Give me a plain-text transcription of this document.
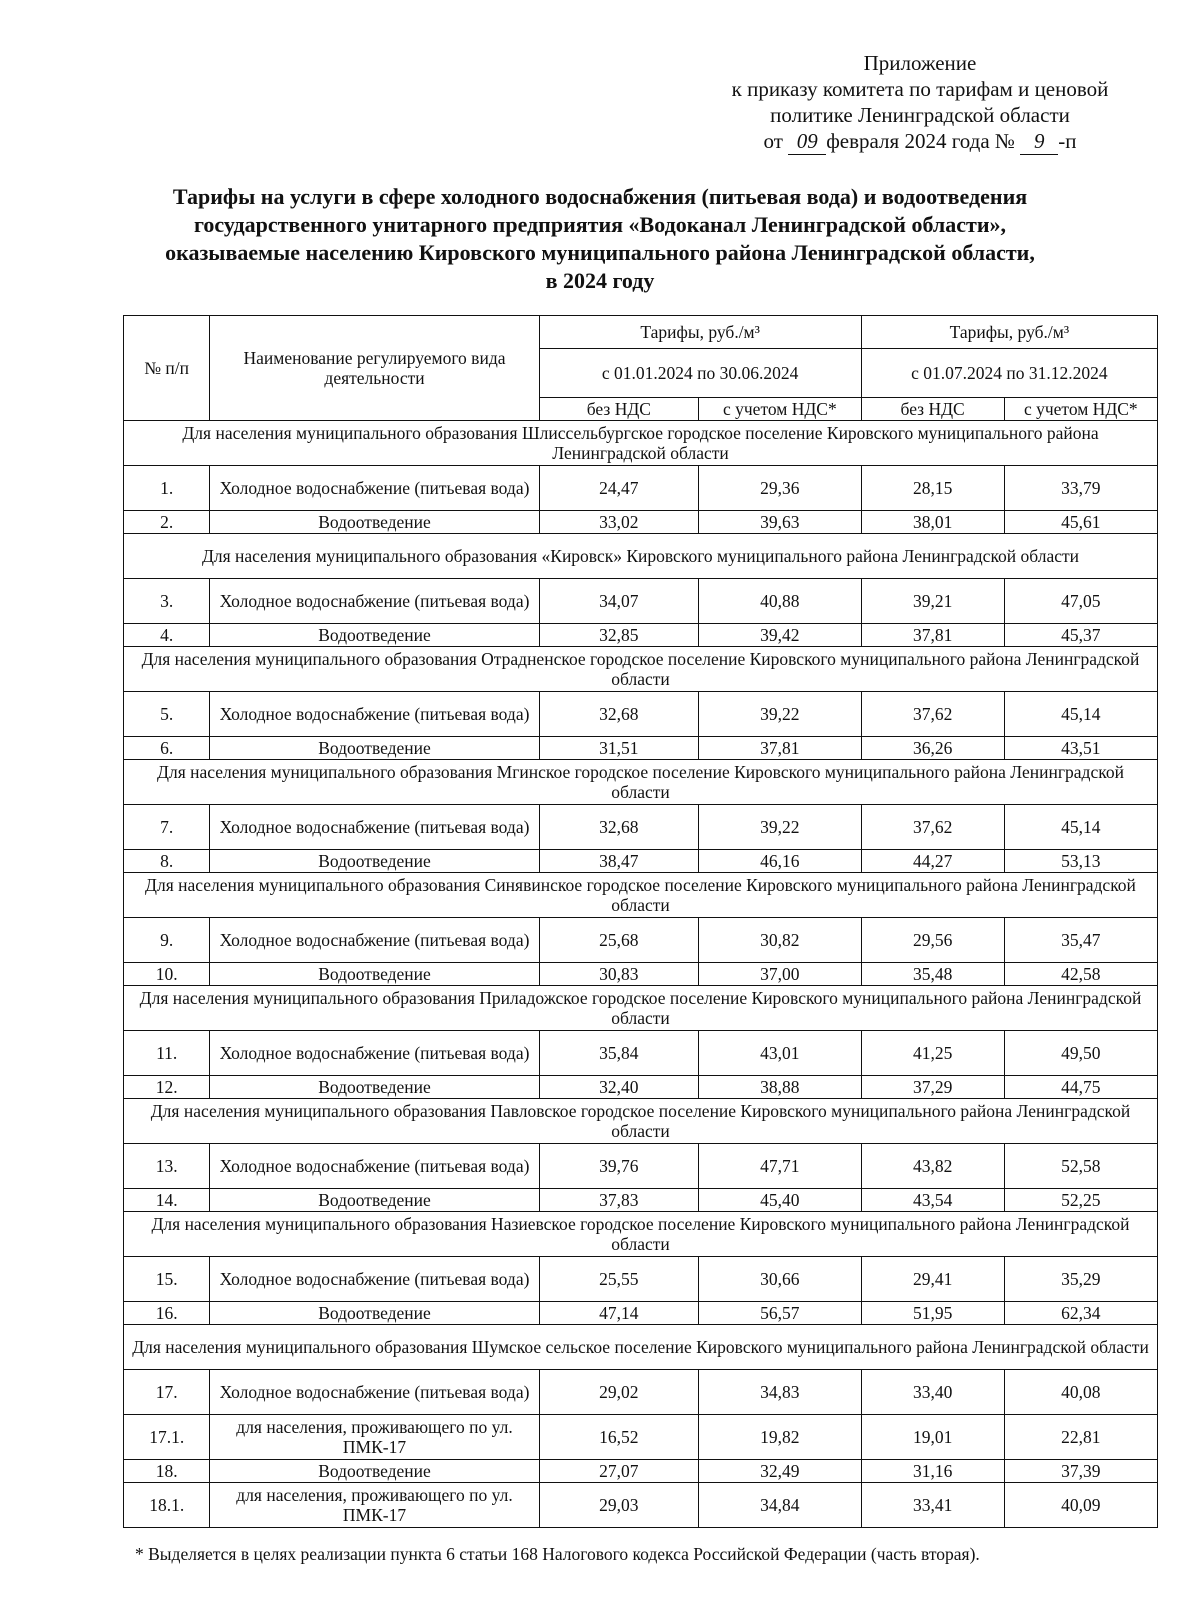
Приложение
к приказу комитета по тарифам и ценовой
политике Ленинградской области
от 09 февраля 2024 года № 9 -п
Тарифы на услуги в сфере холодного водоснабжения (питьевая вода) и водоотведения
государственного унитарного предприятия «Водоканал Ленинградской области»,
оказываемые населению Кировского муниципального района Ленинградской области,
в 2024 году
№ п/п	Наименование регулируемого вида деятельности	Тарифы, руб./м³		Тарифы, руб./м³	
		с 01.01.2024 по 30.06.2024		с 01.07.2024 по 31.12.2024	
		без НДС	с учетом НДС*	без НДС	с учетом НДС*
Для населения муниципального образования Шлиссельбургское городское поселение Кировского муниципального района Ленинградской области					
1.	Холодное водоснабжение (питьевая вода)	24,47	29,36	28,15	33,79
2.	Водоотведение	33,02	39,63	38,01	45,61
Для населения муниципального образования «Кировск» Кировского муниципального района Ленинградской области					
3.	Холодное водоснабжение (питьевая вода)	34,07	40,88	39,21	47,05
4.	Водоотведение	32,85	39,42	37,81	45,37
Для населения муниципального образования Отрадненское городское поселение Кировского муниципального района Ленинградской области					
5.	Холодное водоснабжение (питьевая вода)	32,68	39,22	37,62	45,14
6.	Водоотведение	31,51	37,81	36,26	43,51
Для населения муниципального образования Мгинское городское поселение Кировского муниципального района Ленинградской области					
7.	Холодное водоснабжение (питьевая вода)	32,68	39,22	37,62	45,14
8.	Водоотведение	38,47	46,16	44,27	53,13
Для населения муниципального образования Синявинское городское поселение Кировского муниципального района Ленинградской области					
9.	Холодное водоснабжение (питьевая вода)	25,68	30,82	29,56	35,47
10.	Водоотведение	30,83	37,00	35,48	42,58
Для населения муниципального образования Приладожское городское поселение Кировского муниципального района Ленинградской области					
11.	Холодное водоснабжение (питьевая вода)	35,84	43,01	41,25	49,50
12.	Водоотведение	32,40	38,88	37,29	44,75
Для населения муниципального образования Павловское городское поселение Кировского муниципального района Ленинградской области					
13.	Холодное водоснабжение (питьевая вода)	39,76	47,71	43,82	52,58
14.	Водоотведение	37,83	45,40	43,54	52,25
Для населения муниципального образования Назиевское городское поселение Кировского муниципального района Ленинградской области					
15.	Холодное водоснабжение (питьевая вода)	25,55	30,66	29,41	35,29
16.	Водоотведение	47,14	56,57	51,95	62,34
Для населения муниципального образования Шумское сельское поселение Кировского муниципального района Ленинградской области					
17.	Холодное водоснабжение (питьевая вода)	29,02	34,83	33,40	40,08
17.1.	для населения, проживающего по ул. ПМК-17	16,52	19,82	19,01	22,81
18.	Водоотведение	27,07	32,49	31,16	37,39
18.1.	для населения, проживающего по ул. ПМК-17	29,03	34,84	33,41	40,09
* Выделяется в целях реализации пункта 6 статьи 168 Налогового кодекса Российской Федерации (часть вторая).
